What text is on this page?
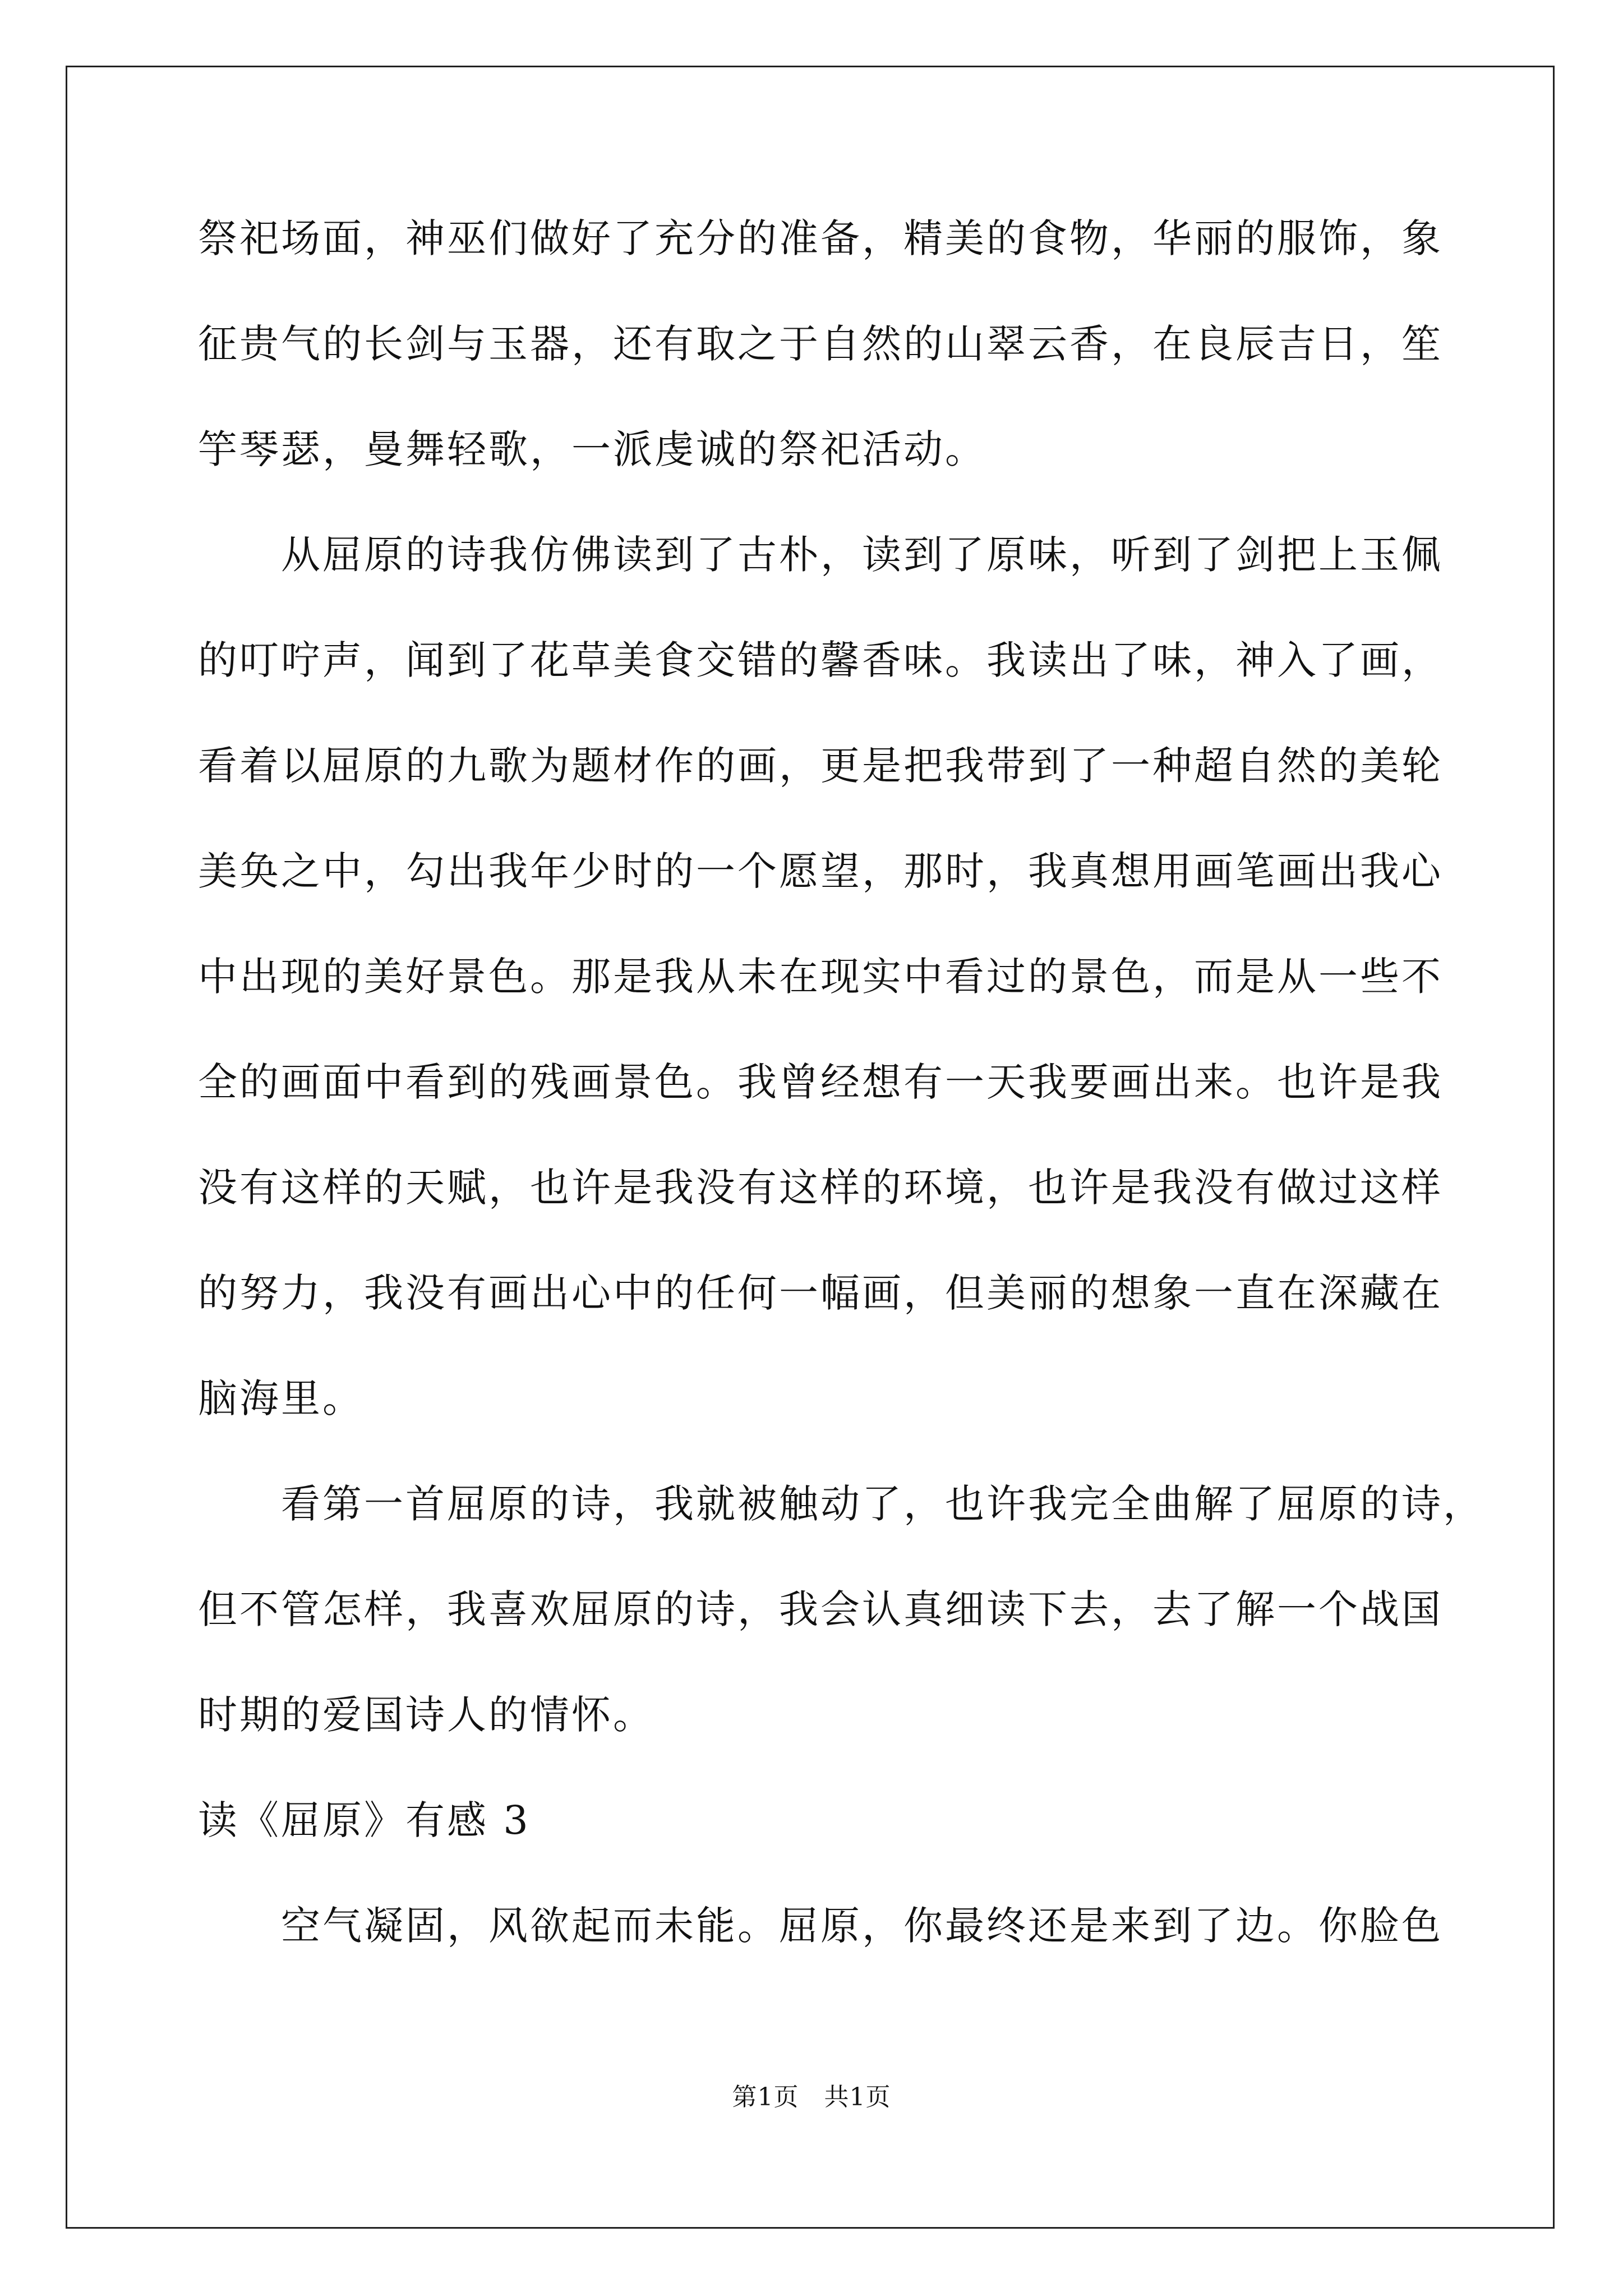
祭祀场面，神巫们做好了充分的准备，精美的食物，华丽的服饰，象
征贵气的长剑与玉器，还有取之于自然的山翠云香，在良辰吉日，笙
竽琴瑟，曼舞轻歌，一派虔诚的祭祀活动。
　　从屈原的诗我仿佛读到了古朴，读到了原味，听到了剑把上玉佩
的叮咛声，闻到了花草美食交错的馨香味。我读出了味，神入了画，
看着以屈原的九歌为题材作的画，更是把我带到了一种超自然的美轮
美奂之中，勾出我年少时的一个愿望，那时，我真想用画笔画出我心
中出现的美好景色。那是我从未在现实中看过的景色，而是从一些不
全的画面中看到的残画景色。我曾经想有一天我要画出来。也许是我
没有这样的天赋，也许是我没有这样的环境，也许是我没有做过这样
的努力，我没有画出心中的任何一幅画，但美丽的想象一直在深藏在
脑海里。
　　看第一首屈原的诗，我就被触动了，也许我完全曲解了屈原的诗，
但不管怎样，我喜欢屈原的诗，我会认真细读下去，去了解一个战国
时期的爱国诗人的情怀。
读《屈原》有感 3
　　空气凝固，风欲起而未能。屈原，你最终还是来到了边。你脸色
第1页　共1页
